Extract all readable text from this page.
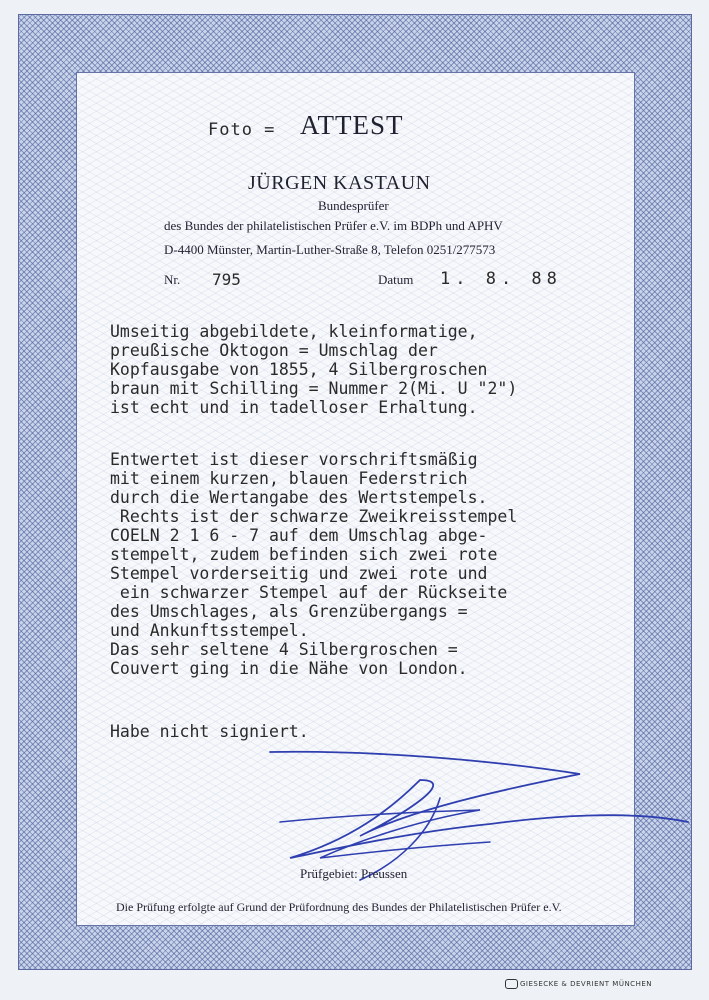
Foto = ATTEST
JÜRGEN KASTAUN
Bundesprüfer
des Bundes der philatelistischen Prüfer e.V. im BDPh und APHV
D-4400 Münster, Martin-Luther-Straße 8, Telefon 0251/277573
Nr. 795	Datum 1. 8. 88
Umseitig abgebildete, kleinformatige,
preußische Oktogon = Umschlag der
Kopfausgabe von 1855, 4 Silbergroschen
braun mit Schilling = Nummer 2(Mi. U "2")
ist echt und in tadelloser Erhaltung.
Entwertet ist dieser vorschriftsmäßig
mit einem kurzen, blauen Federstrich
durch die Wertangabe des Wertstempels.
Rechts ist der schwarze Zweikreisstempel
COELN 2 1 6 - 7 auf dem Umschlag abge-
stempelt, zudem befinden sich zwei rote
Stempel vorderseitig und zwei rote und
ein schwarzer Stempel auf der Rückseite
des Umschlages, als Grenzübergangs =
und Ankunftsstempel.
Das sehr seltene 4 Silbergroschen =
Couvert ging in die Nähe von London.
Habe nicht signiert.
Prüfgebiet: Preussen
Die Prüfung erfolgte auf Grund der Prüfordnung des Bundes der Philatelistischen Prüfer e.V.
GIESECKE & DEVRIENT MÜNCHEN
